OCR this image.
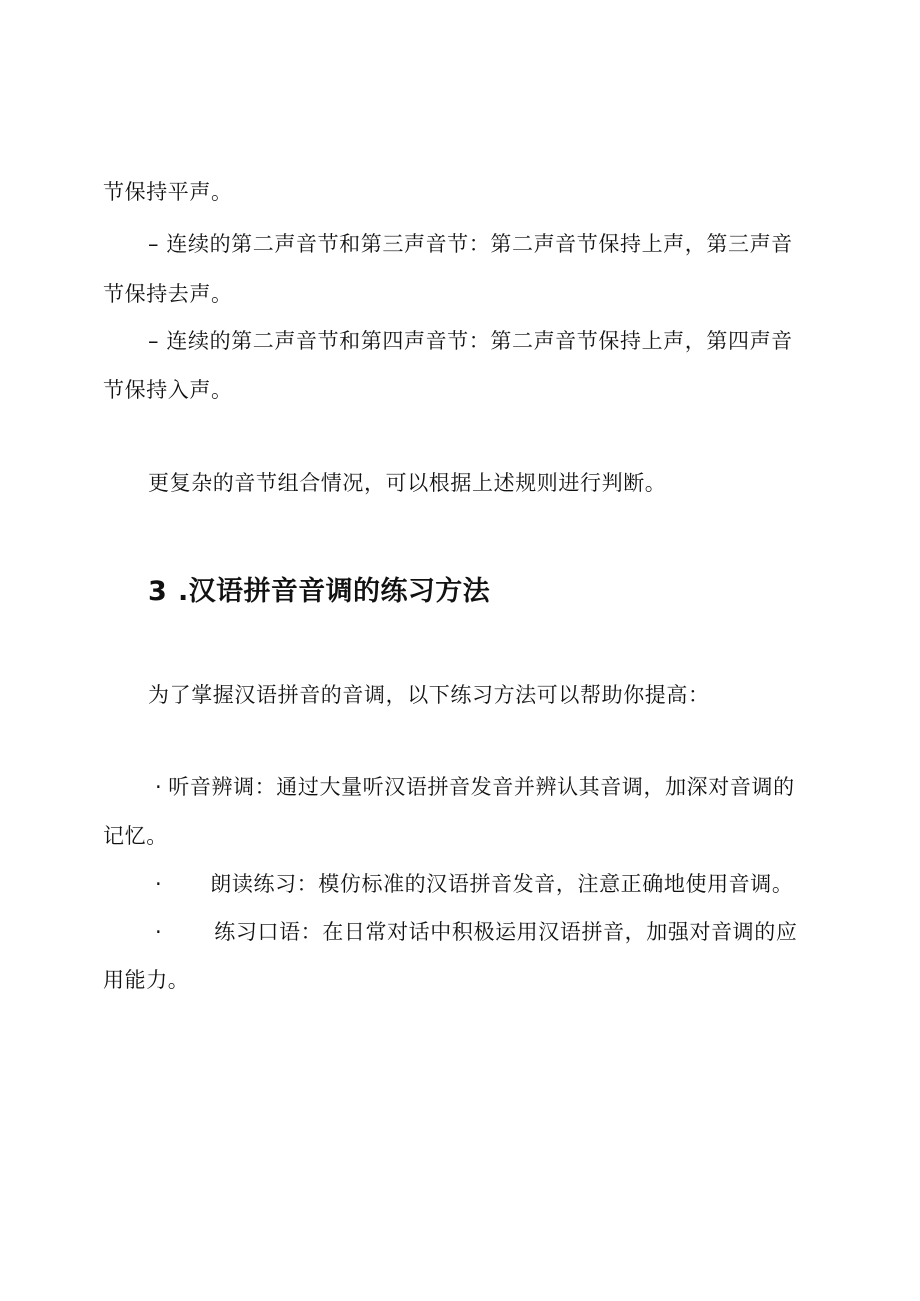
节保持平声。
– 连续的第二声音节和第三声音节：第二声音节保持上声，第三声音
节保持去声。
– 连续的第二声音节和第四声音节：第二声音节保持上声，第四声音
节保持入声。
更复杂的音节组合情况，可以根据上述规则进行判断。
3 .汉语拼音音调的练习方法
为了掌握汉语拼音的音调，以下练习方法可以帮助你提高：
· 听音辨调：通过大量听汉语拼音发音并辨认其音调，加深对音调的
记忆。
· 朗读练习：模仿标准的汉语拼音发音，注意正确地使用音调。
· 练习口语：在日常对话中积极运用汉语拼音，加强对音调的应
用能力。
